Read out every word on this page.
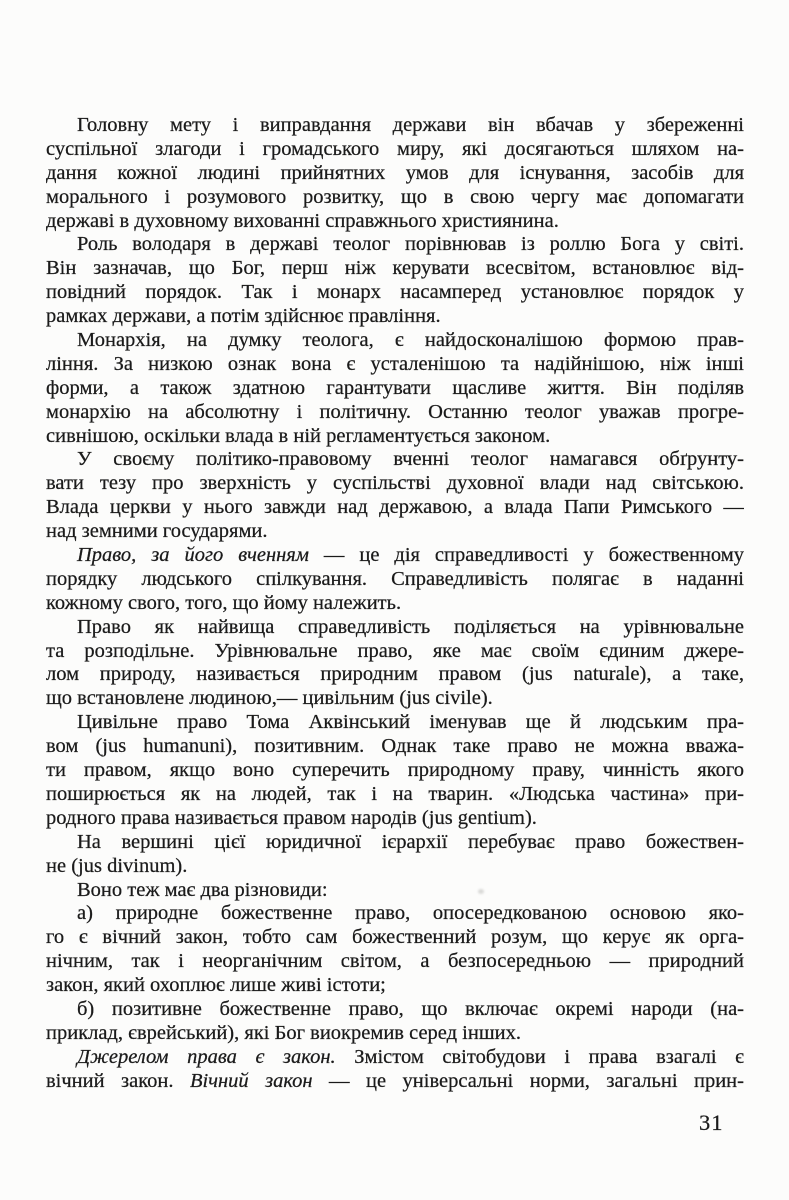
Головну мету і виправдання держави він вбачав у збереженні
суспільної злагоди і громадського миру, які досягаються шляхом на-
дання кожної людині прийнятних умов для існування, засобів для
морального і розумового розвитку, що в свою чергу має допомагати
державі в духовному вихованні справжнього християнина.
Роль володаря в державі теолог порівнював із роллю Бога у світі.
Він зазначав, що Бог, перш ніж керувати всесвітом, встановлює від-
повідний порядок. Так і монарх насамперед установлює порядок у
рамках держави, а потім здійснює правління.
Монархія, на думку теолога, є найдосконалішою формою прав-
ління. За низкою ознак вона є усталенішою та надійнішою, ніж інші
форми, а також здатною гарантувати щасливе життя. Він поділяв
монархію на абсолютну і політичну. Останню теолог уважав прогре-
сивнішою, оскільки влада в ній регламентується законом.
У своєму політико-правовому вченні теолог намагався обґрунту-
вати тезу про зверхність у суспільстві духовної влади над світською.
Влада церкви у нього завжди над державою, а влада Папи Римського —
над земними государями.
Право, за його вченням — це дія справедливості у божественному
порядку людського спілкування. Справедливість полягає в наданні
кожному свого, того, що йому належить.
Право як найвища справедливість поділяється на урівнювальне
та розподільне. Урівнювальне право, яке має своїм єдиним джере-
лом природу, називається природним правом (jus naturale), а таке,
що встановлене людиною,— цивільним (jus civile).
Цивільне право Тома Аквінський іменував ще й людським пра-
вом (jus humanuni), позитивним. Однак таке право не можна вважа-
ти правом, якщо воно суперечить природному праву, чинність якого
поширюється як на людей, так і на тварин. «Людська частина» при-
родного права називається правом народів (jus gentium).
На вершині цієї юридичної ієрархії перебуває право божествен-
не (jus divinum).
Воно теж має два різновиди:
а) природне божественне право, опосередкованою основою яко-
го є вічний закон, тобто сам божественний розум, що керує як орга-
нічним, так і неорганічним світом, а безпосередньою — природний
закон, який охоплює лише живі істоти;
б) позитивне божественне право, що включає окремі народи (на-
приклад, єврейський), які Бог виокремив серед інших.
Джерелом права є закон. Змістом світобудови і права взагалі є
вічний закон. Вічний закон — це універсальні норми, загальні прин-
31
